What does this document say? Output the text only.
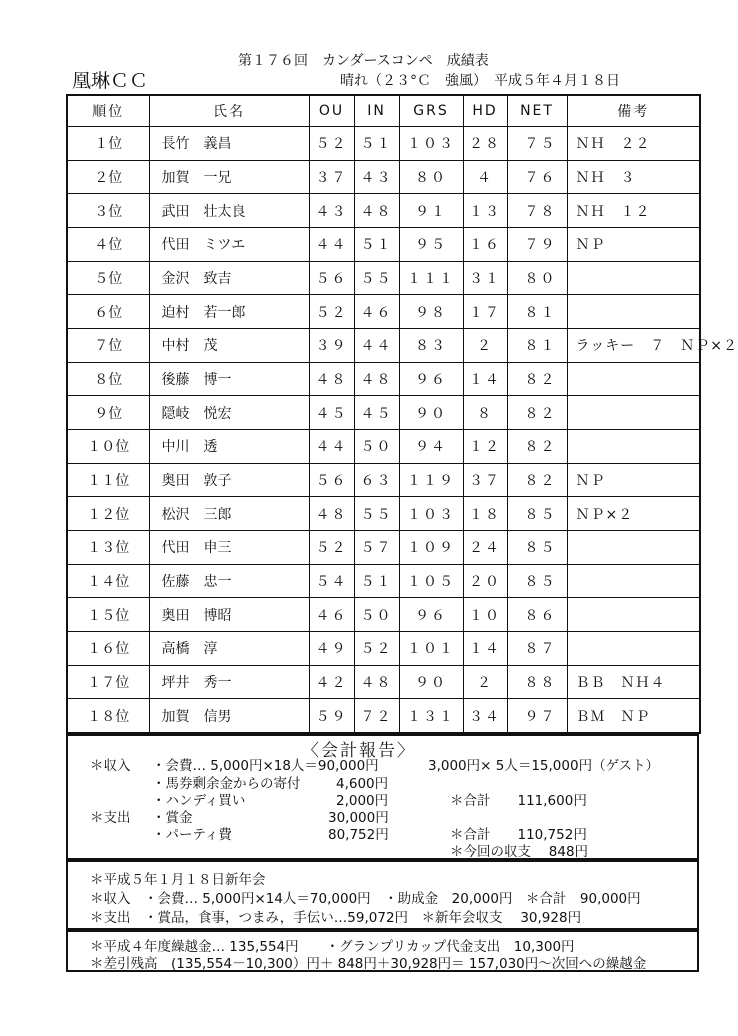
第１７６回　カンダースコンペ　成績表
凰琳ＣＣ	晴れ（２３°Ｃ　強風）　平成５年４月１８日
順位	氏名	OU	IN	GRS	HD	NET	備考
１位	長竹　義昌	５２	５１	１０３	２８	７５	ＮＨ　２２
２位	加賀　一兄	３７	４３	８０	４	７６	ＮＨ　３
３位	武田　壮太良	４３	４８	９１	１３	７８	ＮＨ　１２
４位	代田　ミツエ	４４	５１	９５	１６	７９	ＮＰ
５位	金沢　致吉	５６	５５	１１１	３１	８０	
６位	迫村　若一郎	５２	４６	９８	１７	８１	
７位	中村　茂	３９	４４	８３	２	８１	ラッキー　７　ＮＰ×２
８位	後藤　博一	４８	４８	９６	１４	８２	
９位	隠岐　悦宏	４５	４５	９０	８	８２	
１０位	中川　透	４４	５０	９４	１２	８２	
１１位	奥田　敦子	５６	６３	１１９	３７	８２	ＮＰ
１２位	松沢　三郎	４８	５５	１０３	１８	８５	ＮＰ×２
１３位	代田　申三	５２	５７	１０９	２４	８５	
１４位	佐藤　忠一	５４	５１	１０５	２０	８５	
１５位	奥田　博昭	４６	５０	９６	１０	８６	
１６位	高橋　淳	４９	５２	１０１	１４	８７	
１７位	坪井　秀一	４２	４８	９０	２	８８	ＢＢ　ＮＨ４
１８位	加賀　信男	５９	７２	１３１	３４	９７	ＢＭ　ＮＰ
〈会計報告〉
＊収入 ・会費… 5,000円×18人＝90,000円	3,000円× 5人＝15,000円（ゲスト）
・馬券剰余金からの寄付	4,600円
・ハンディ買い	2,000円	＊合計　　111,600円
＊支出 ・賞金	30,000円
・パーティ費	80,752円	＊合計　　110,752円
＊今回の収支　 848円
＊平成５年１月１８日新年会
＊収入　・会費… 5,000円×14人＝70,000円　・助成金　20,000円　＊合計　90,000円
＊支出　・賞品，食事，つまみ，手伝い…59,072円　＊新年会収支　 30,928円
＊平成４年度繰越金… 135,554円　　・グランプリカップ代金支出　10,300円
＊差引残高　(135,554－10,300）円＋ 848円＋30,928円＝ 157,030円〜次回への繰越金
